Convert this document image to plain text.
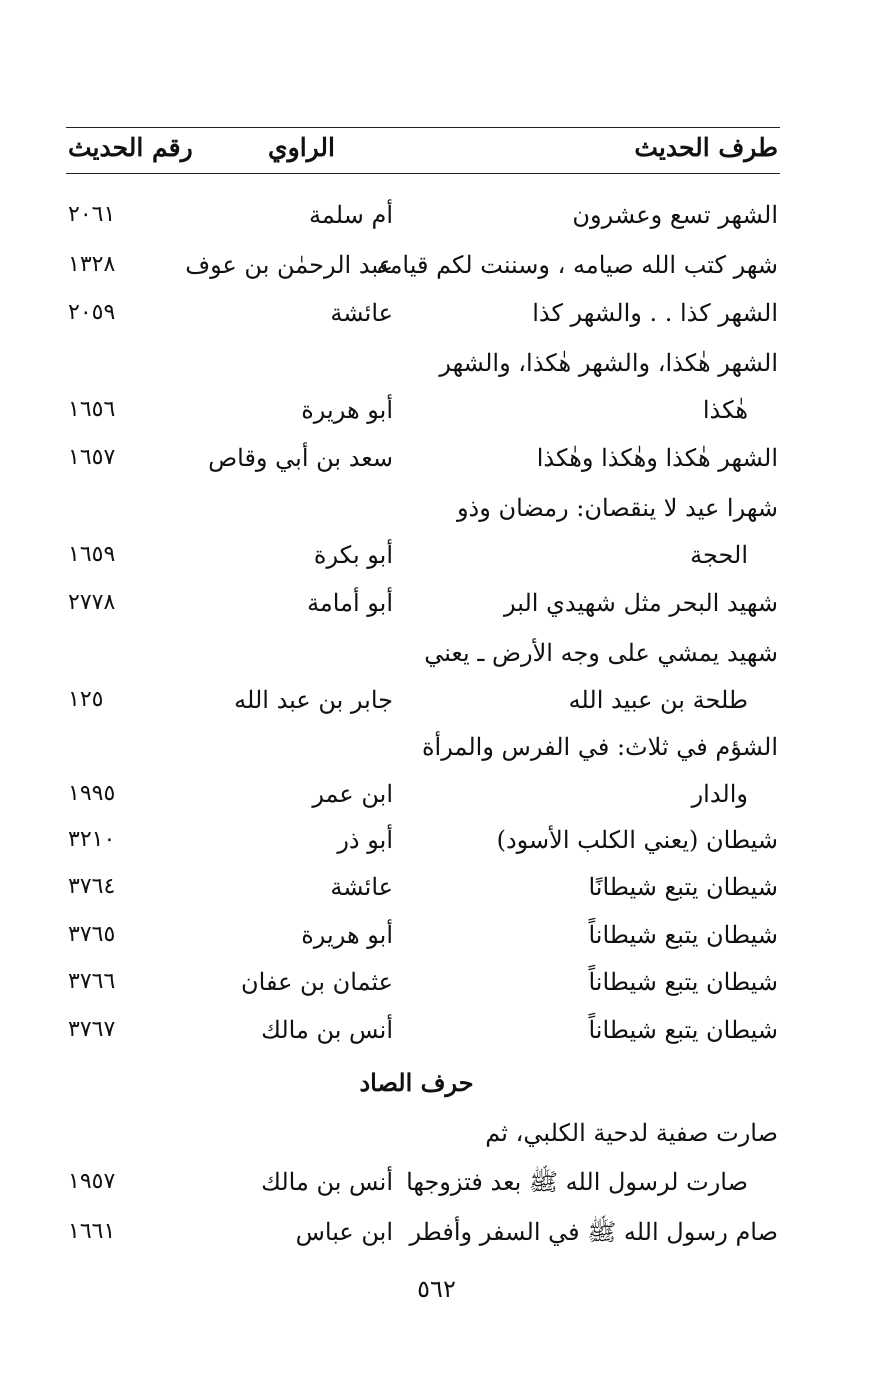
طرف الحديث
الراوي
رقم الحديث
الشهر تسع وعشرون
أم سلمة
٢٠٦١
شهر كتب الله صيامه ، وسننت لكم قيامه
عبد الرحمٰن بن عوف
١٣٢٨
الشهر كذا . . والشهر كذا
عائشة
٢٠٥٩
الشهر هٰكذا، والشهر هٰكذا، والشهر
هٰكذا
أبو هريرة
١٦٥٦
الشهر هٰكذا وهٰكذا وهٰكذا
سعد بن أبي وقاص
١٦٥٧
شهرا عيد لا ينقصان: رمضان وذو
الحجة
أبو بكرة
١٦٥٩
شهيد البحر مثل شهيدي البر
أبو أمامة
٢٧٧٨
شهيد يمشي على وجه الأرض ـ يعني
طلحة بن عبيد الله
جابر بن عبد الله
١٢٥
الشؤم في ثلاث: في الفرس والمرأة
والدار
ابن عمر
١٩٩٥
شيطان (يعني الكلب الأسود)
أبو ذر
٣٢١٠
شيطان يتبع شيطانًا
عائشة
٣٧٦٤
شيطان يتبع شيطاناً
أبو هريرة
٣٧٦٥
شيطان يتبع شيطاناً
عثمان بن عفان
٣٧٦٦
شيطان يتبع شيطاناً
أنس بن مالك
٣٧٦٧
حرف الصاد
صارت صفية لدحية الكلبي، ثم
صارت لرسول الله ﷺ بعد فتزوجها
أنس بن مالك
١٩٥٧
صام رسول الله ﷺ في السفر وأفطر
ابن عباس
١٦٦١
٥٦٢
